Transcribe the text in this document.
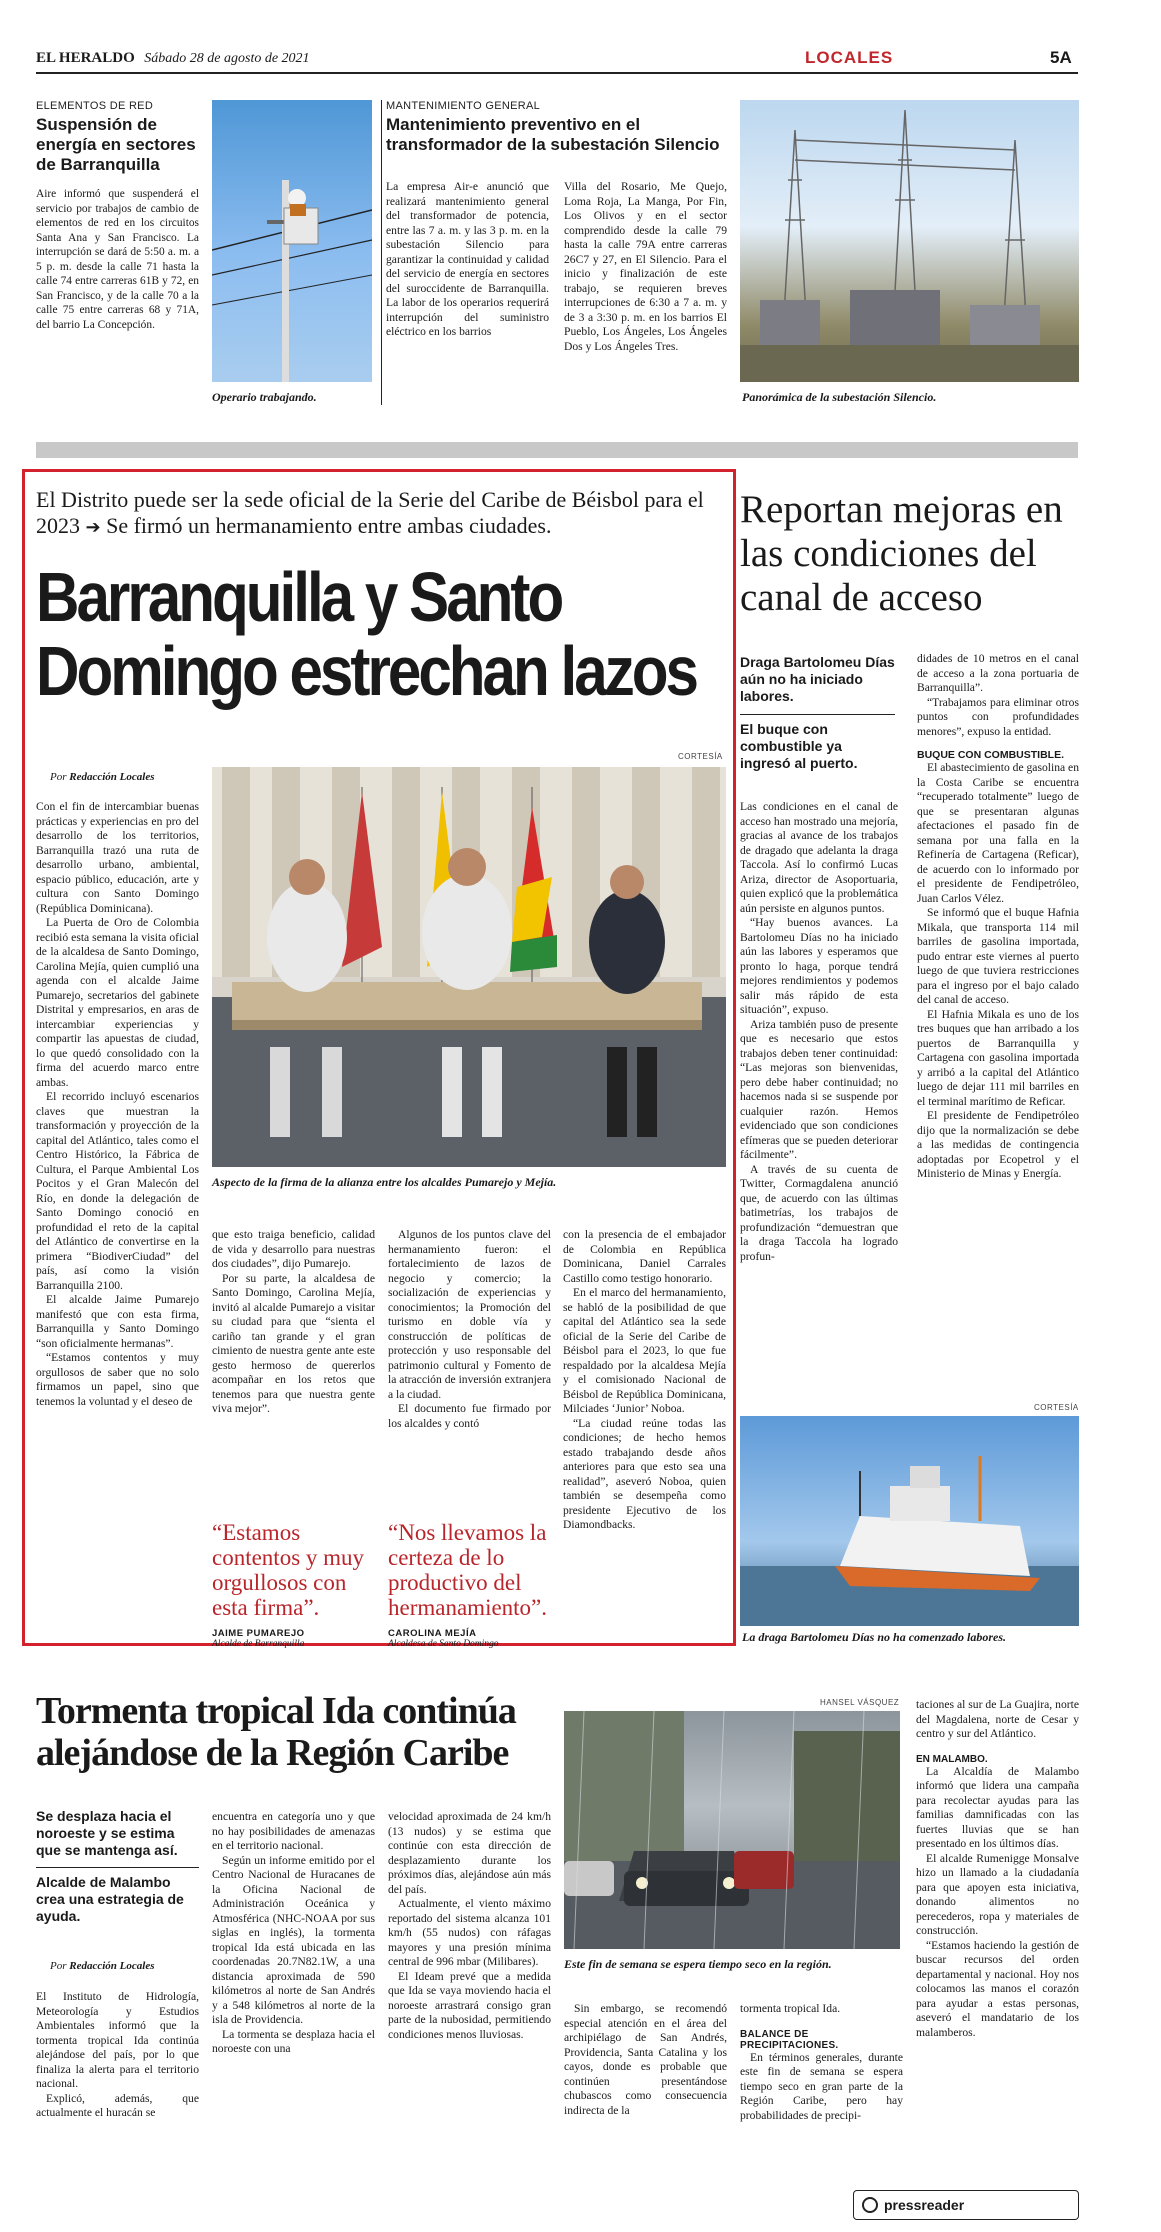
EL HERALDO Sábado 28 de agosto de 2021	LOCALES	5A
ELEMENTOS DE RED
Suspensión de energía en sectores de Barranquilla

Aire informó que suspenderá el servicio por trabajos de cambio de elementos de red en los circuitos Santa Ana y San Francisco. La interrupción se dará de 5:50 a. m. a 5 p. m. desde la calle 71 hasta la calle 74 entre carreras 61B y 72, en San Francisco, y de la calle 70 a la calle 75 entre carreras 68 y 71A, del barrio La Concepción.

Operario trabajando.
MANTENIMIENTO GENERAL
Mantenimiento preventivo en el transformador de la subestación Silencio

La empresa Air-e anunció que realizará mantenimiento general del transformador de potencia, entre las 7 a. m. y las 3 p. m. en la subestación Silencio para garantizar la continuidad y calidad del servicio de energía en sectores del suroccidente de Barranquilla. La labor de los operarios requerirá interrupción del suministro eléctrico en los barrios

Villa del Rosario, Me Quejo, Loma Roja, La Manga, Por Fin, Los Olivos y en el sector comprendido desde la calle 79 hasta la calle 79A entre carreras 26C7 y 27, en El Silencio. Para el inicio y finalización de este trabajo, se requieren breves interrupciones de 6:30 a 7 a. m. y de 3 a 3:30 p. m. en los barrios El Pueblo, Los Ángeles, Los Ángeles Dos y Los Ángeles Tres.

Panorámica de la subestación Silencio.
El Distrito puede ser la sede oficial de la Serie del Caribe de Béisbol para el 2023 ➔ Se firmó un hermanamiento entre ambas ciudades.
Barranquilla y Santo Domingo estrechan lazos
CORTESÍA
Por Redacción Locales
Aspecto de la firma de la alianza entre los alcaldes Pumarejo y Mejía.

Con el fin de intercambiar buenas prácticas y experiencias en pro del desarrollo de los territorios, Barranquilla trazó una ruta de desarrollo urbano, ambiental, espacio público, educación, arte y cultura con Santo Domingo (República Dominicana).

La Puerta de Oro de Colombia recibió esta semana la visita oficial de la alcaldesa de Santo Domingo, Carolina Mejía, quien cumplió una agenda con el alcalde Jaime Pumarejo, secretarios del gabinete Distrital y empresarios, en aras de intercambiar experiencias y compartir las apuestas de ciudad, lo que quedó consolidado con la firma del acuerdo marco entre ambas.

El recorrido incluyó escenarios claves que muestran la transformación y proyección de la capital del Atlántico, tales como el Centro Histórico, la Fábrica de Cultura, el Parque Ambiental Los Pocitos y el Gran Malecón del Río, en donde la delegación de Santo Domingo conoció en profundidad el reto de la capital del Atlántico de convertirse en la primera “BiodiverCiudad” del país, así como la visión Barranquilla 2100.

El alcalde Jaime Pumarejo manifestó que con esta firma, Barranquilla y Santo Domingo “son oficialmente hermanas”.

“Estamos contentos y muy orgullosos de saber que no solo firmamos un papel, sino que tenemos la voluntad y el deseo de

que esto traiga beneficio, calidad de vida y desarrollo para nuestras dos ciudades”, dijo Pumarejo.

Por su parte, la alcaldesa de Santo Domingo, Carolina Mejía, invitó al alcalde Pumarejo a visitar su ciudad para que “sienta el cariño tan grande y el gran cimiento de nuestra gente ante este gesto hermoso de quererlos acompañar en los retos que tenemos para que nuestra gente viva mejor”.

Algunos de los puntos clave del hermanamiento fueron: el fortalecimiento de lazos de negocio y comercio; la socialización de experiencias y conocimientos; la Promoción del turismo en doble vía y construcción de políticas de protección y uso responsable del patrimonio cultural y Fomento de la atracción de inversión extranjera a la ciudad.

El documento fue firmado por los alcaldes y contó

con la presencia de el embajador de Colombia en República Dominicana, Daniel Carrales Castillo como testigo honorario.

En el marco del hermanamiento, se habló de la posibilidad de que capital del Atlántico sea la sede oficial de la Serie del Caribe de Béisbol para el 2023, lo que fue respaldado por la alcaldesa Mejía y el comisionado Nacional de Béisbol de República Dominicana, Milciades ‘Junior’ Noboa.

“La ciudad reúne todas las condiciones; de hecho hemos estado trabajando desde años anteriores para que esto sea una realidad”, aseveró Noboa, quien también se desempeña como presidente Ejecutivo de los Diamondbacks.

“Estamos contentos y muy orgullosos con esta firma”.
JAIME PUMAREJO
Alcalde de Barranquilla
“Nos llevamos la certeza de lo productivo del hermanamiento”.
CAROLINA MEJÍA
Alcaldesa de Santo Domingo
Reportan mejoras en las condiciones del canal de acceso
Draga Bartolomeu Días aún no ha iniciado labores.
El buque con combustible ya ingresó al puerto.

Las condiciones en el canal de acceso han mostrado una mejoría, gracias al avance de los trabajos de dragado que adelanta la draga Taccola. Así lo confirmó Lucas Ariza, director de Asoportuaria, quien explicó que la problemática aún persiste en algunos puntos.

“Hay buenos avances. La Bartolomeu Días no ha iniciado aún las labores y esperamos que pronto lo haga, porque tendrá mejores rendimientos y podemos salir más rápido de esta situación”, expuso.

Ariza también puso de presente que es necesario que estos trabajos deben tener continuidad: “Las mejoras son bienvenidas, pero debe haber continuidad; no hacemos nada si se suspende por cualquier razón. Hemos evidenciado que son condiciones efímeras que se pueden deteriorar fácilmente”.

A través de su cuenta de Twitter, Cormagdalena anunció que, de acuerdo con las últimas batimetrías, los trabajos de profundización “demuestran que la draga Taccola ha logrado profun-

didades de 10 metros en el canal de acceso a la zona portuaria de Barranquilla”.

“Trabajamos para eliminar otros puntos con profundidades menores”, expuso la entidad.

BUQUE CON COMBUSTIBLE.

El abastecimiento de gasolina en la Costa Caribe se encuentra “recuperado totalmente” luego de que se presentaran algunas afectaciones el pasado fin de semana por una falla en la Refinería de Cartagena (Reficar), de acuerdo con lo informado por el presidente de Fendipetróleo, Juan Carlos Vélez.

Se informó que el buque Hafnia Mikala, que transporta 114 mil barriles de gasolina importada, pudo entrar este viernes al puerto luego de que tuviera restricciones para el ingreso por el bajo calado del canal de acceso.

El Hafnia Mikala es uno de los tres buques que han arribado a los puertos de Barranquilla y Cartagena con gasolina importada y arribó a la capital del Atlántico luego de dejar 111 mil barriles en el terminal marítimo de Reficar.

El presidente de Fendipetróleo dijo que la normalización se debe a las medidas de contingencia adoptadas por Ecopetrol y el Ministerio de Minas y Energía.

CORTESÍA
La draga Bartolomeu Días no ha comenzado labores.
Tormenta tropical Ida continúa alejándose de la Región Caribe
Se desplaza hacia el noroeste y se estima que se mantenga así.
Alcalde de Malambo crea una estrategia de ayuda.
Por Redacción Locales

El Instituto de Hidrología, Meteorología y Estudios Ambientales informó que la tormenta tropical Ida continúa alejándose del país, por lo que finaliza la alerta para el territorio nacional.

Explicó, además, que actualmente el huracán se

encuentra en categoría uno y que no hay posibilidades de amenazas en el territorio nacional.

Según un informe emitido por el Centro Nacional de Huracanes de la Oficina Nacional de Administración Oceánica y Atmosférica (NHC-NOAA por sus siglas en inglés), la tormenta tropical Ida está ubicada en las coordenadas 20.7N82.1W, a una distancia aproximada de 590 kilómetros al norte de San Andrés y a 548 kilómetros al norte de la isla de Providencia.

La tormenta se desplaza hacia el noroeste con una

velocidad aproximada de 24 km/h (13 nudos) y se estima que continúe con esta dirección de desplazamiento durante los próximos días, alejándose aún más del país.

Actualmente, el viento máximo reportado del sistema alcanza 101 km/h (55 nudos) con ráfagas mayores y una presión mínima central de 996 mbar (Milibares).

El Ideam prevé que a medida que Ida se vaya moviendo hacia el noroeste arrastrará consigo gran parte de la nubosidad, permitiendo condiciones menos lluviosas.

HANSEL VÁSQUEZ
Este fin de semana se espera tiempo seco en la región.

Sin embargo, se recomendó especial atención en el área del archipiélago de San Andrés, Providencia, Santa Catalina y los cayos, donde es probable que continúen presentándose chubascos como consecuencia indirecta de la

tormenta tropical Ida.

BALANCE DE PRECIPITACIONES.

En términos generales, durante este fin de semana se espera tiempo seco en gran parte de la Región Caribe, pero hay probabilidades de precipi-

taciones al sur de La Guajira, norte del Magdalena, norte de Cesar y centro y sur del Atlántico.

EN MALAMBO.

La Alcaldía de Malambo informó que lidera una campaña para recolectar ayudas para las familias damnificadas con las fuertes lluvias que se han presentado en los últimos días.

El alcalde Rumenigge Monsalve hizo un llamado a la ciudadanía para que apoyen esta iniciativa, donando alimentos no perecederos, ropa y materiales de construcción.

“Estamos haciendo la gestión de buscar recursos del orden departamental y nacional. Hoy nos colocamos las manos el corazón para ayudar a estas personas, aseveró el mandatario de los malamberos.

pressreader
